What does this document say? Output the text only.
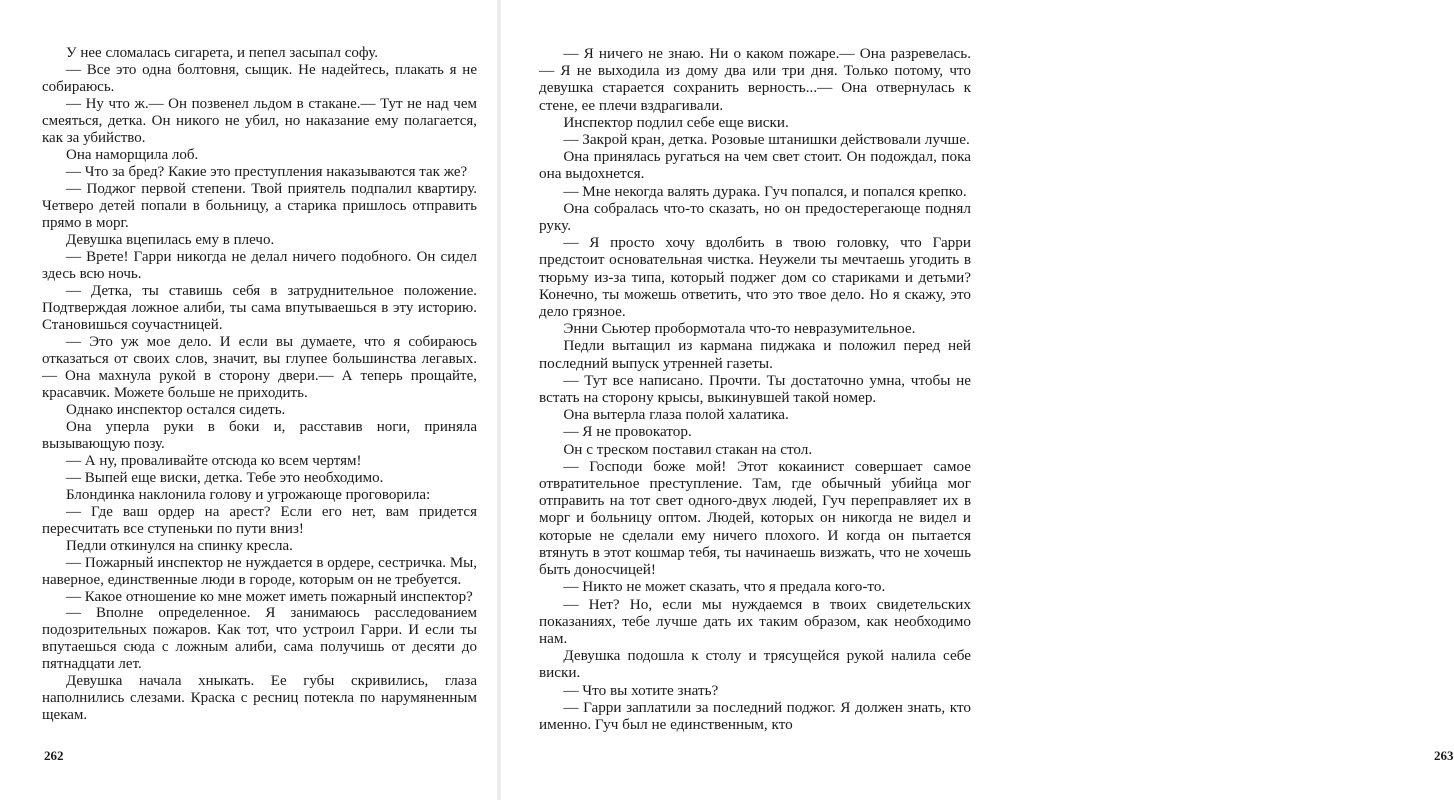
У нее сломалась сигарета, и пепел засыпал софу.

— Все это одна болтовня, сыщик. Не надейтесь, плакать я не собираюсь.

— Ну что ж.— Он позвенел льдом в стакане.— Тут не над чем смеяться, детка. Он никого не убил, но наказание ему полагается, как за убийство.

Она наморщила лоб.

— Что за бред? Какие это преступления наказываются так же?

— Поджог первой степени. Твой приятель подпалил квартиру. Четверо детей попали в больницу, а старика пришлось отправить прямо в морг.

Девушка вцепилась ему в плечо.

— Врете! Гарри никогда не делал ничего подобного. Он сидел здесь всю ночь.

— Детка, ты ставишь себя в затруднительное положение. Подтверждая ложное алиби, ты сама впутываешься в эту историю. Становишься соучастницей.

— Это уж мое дело. И если вы думаете, что я собираюсь отказаться от своих слов, значит, вы глупее большинства легавых.— Она махнула рукой в сторону двери.— А теперь прощайте, красавчик. Можете больше не приходить.

Однако инспектор остался сидеть.

Она уперла руки в боки и, расставив ноги, приняла вызывающую позу.

— А ну, проваливайте отсюда ко всем чертям!

— Выпей еще виски, детка. Тебе это необходимо.

Блондинка наклонила голову и угрожающе проговорила:

— Где ваш ордер на арест? Если его нет, вам придется пересчитать все ступеньки по пути вниз!

Педли откинулся на спинку кресла.

— Пожарный инспектор не нуждается в ордере, сестричка. Мы, наверное, единственные люди в городе, которым он не требуется.

— Какое отношение ко мне может иметь пожарный инспектор?

— Вполне определенное. Я занимаюсь расследованием подозрительных пожаров. Как тот, что устроил Гарри. И если ты впутаешься сюда с ложным алиби, сама получишь от десяти до пятнадцати лет.

Девушка начала хныкать. Ее губы скривились, глаза наполнились слезами. Краска с ресниц потекла по нарумяненным щекам.

262

— Я ничего не знаю. Ни о каком пожаре.— Она разревелась.— Я не выходила из дому два или три дня. Только потому, что девушка старается сохранить верность...— Она отвернулась к стене, ее плечи вздрагивали.

Инспектор подлил себе еще виски.

— Закрой кран, детка. Розовые штанишки действовали лучше.

Она принялась ругаться на чем свет стоит. Он подождал, пока она выдохнется.

— Мне некогда валять дурака. Гуч попался, и попался крепко.

Она собралась что-то сказать, но он предостерегающе поднял руку.

— Я просто хочу вдолбить в твою головку, что Гарри предстоит основательная чистка. Неужели ты мечтаешь угодить в тюрьму из-за типа, который поджег дом со стариками и детьми? Конечно, ты можешь ответить, что это твое дело. Но я скажу, это дело грязное.

Энни Сьютер пробормотала что-то невразумительное.

Педли вытащил из кармана пиджака и положил перед ней последний выпуск утренней газеты.

— Тут все написано. Прочти. Ты достаточно умна, чтобы не встать на сторону крысы, выкинувшей такой номер.

Она вытерла глаза полой халатика.

— Я не провокатор.

Он с треском поставил стакан на стол.

— Господи боже мой! Этот кокаинист совершает самое отвратительное преступление. Там, где обычный убийца мог отправить на тот свет одного-двух людей, Гуч переправляет их в морг и больницу оптом. Людей, которых он никогда не видел и которые не сделали ему ничего плохого. И когда он пытается втянуть в этот кошмар тебя, ты начинаешь визжать, что не хочешь быть доносчицей!

— Никто не может сказать, что я предала кого-то.

— Нет? Но, если мы нуждаемся в твоих свидетельских показаниях, тебе лучше дать их таким образом, как необходимо нам.

Девушка подошла к столу и трясущейся рукой налила себе виски.

— Что вы хотите знать?

— Гарри заплатили за последний поджог. Я должен знать, кто именно. Гуч был не единственным, кто

263
